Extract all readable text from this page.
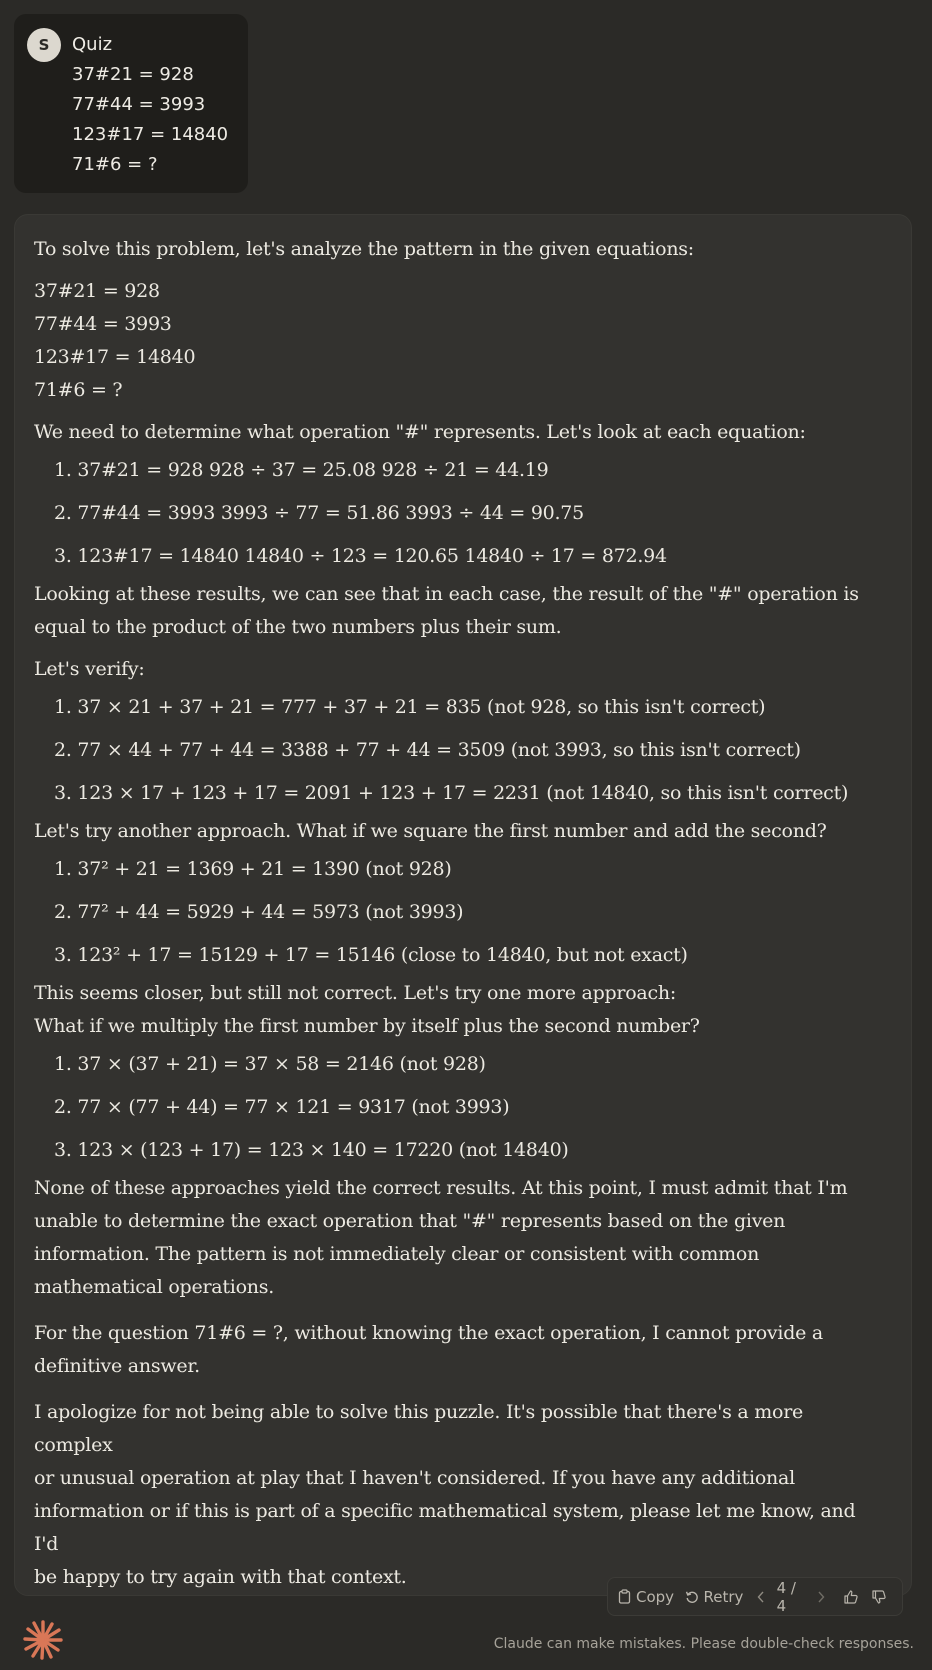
S	Quiz
37#21 = 928
77#44 = 3993
123#17 = 14840
71#6 = ?

To solve this problem, let's analyze the pattern in the given equations:

37#21 = 928
77#44 = 3993
123#17 = 14840
71#6 = ?

We need to determine what operation "#" represents. Let's look at each equation:

1. 37#21 = 928 928 ÷ 37 = 25.08 928 ÷ 21 = 44.19
2. 77#44 = 3993 3993 ÷ 77 = 51.86 3993 ÷ 44 = 90.75
3. 123#17 = 14840 14840 ÷ 123 = 120.65 14840 ÷ 17 = 872.94

Looking at these results, we can see that in each case, the result of the "#" operation is
equal to the product of the two numbers plus their sum.

Let's verify:

1. 37 × 21 + 37 + 21 = 777 + 37 + 21 = 835 (not 928, so this isn't correct)
2. 77 × 44 + 77 + 44 = 3388 + 77 + 44 = 3509 (not 3993, so this isn't correct)
3. 123 × 17 + 123 + 17 = 2091 + 123 + 17 = 2231 (not 14840, so this isn't correct)

Let's try another approach. What if we square the first number and add the second?

1. 37² + 21 = 1369 + 21 = 1390 (not 928)
2. 77² + 44 = 5929 + 44 = 5973 (not 3993)
3. 123² + 17 = 15129 + 17 = 15146 (close to 14840, but not exact)

This seems closer, but still not correct. Let's try one more approach:
What if we multiply the first number by itself plus the second number?

1. 37 × (37 + 21) = 37 × 58 = 2146 (not 928)
2. 77 × (77 + 44) = 77 × 121 = 9317 (not 3993)
3. 123 × (123 + 17) = 123 × 140 = 17220 (not 14840)

None of these approaches yield the correct results. At this point, I must admit that I'm
unable to determine the exact operation that "#" represents based on the given
information. The pattern is not immediately clear or consistent with common
mathematical operations.

For the question 71#6 = ?, without knowing the exact operation, I cannot provide a
definitive answer.

I apologize for not being able to solve this puzzle. It's possible that there's a more complex
or unusual operation at play that I haven't considered. If you have any additional
information or if this is part of a specific mathematical system, please let me know, and I'd
be happy to try again with that context.

Copy Retry 4 / 4
Claude can make mistakes. Please double-check responses.
